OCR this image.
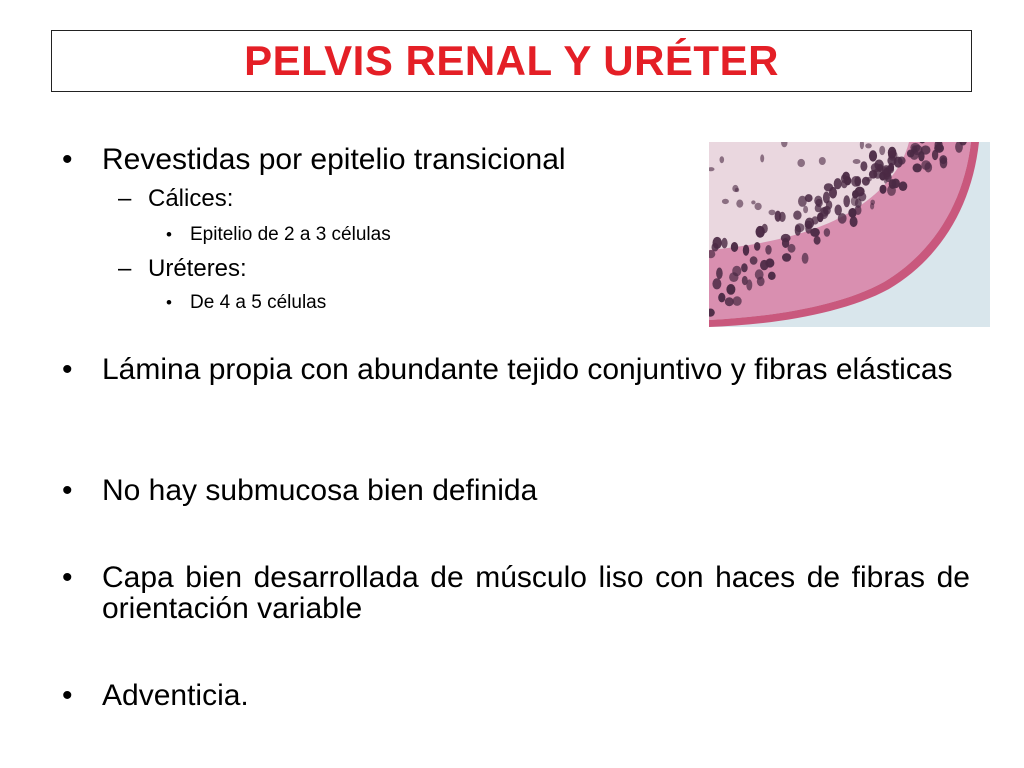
PELVIS RENAL Y URÉTER
• Revestidas por epitelio transicional
– Cálices:
• Epitelio de 2 a 3 células
– Uréteres:
• De 4 a 5 células
• Lámina propia con abundante tejido conjuntivo y fibras elásticas
• No hay submucosa bien definida
• Capa bien desarrollada de músculo liso con haces de fibras de orientación variable
• Adventicia.
